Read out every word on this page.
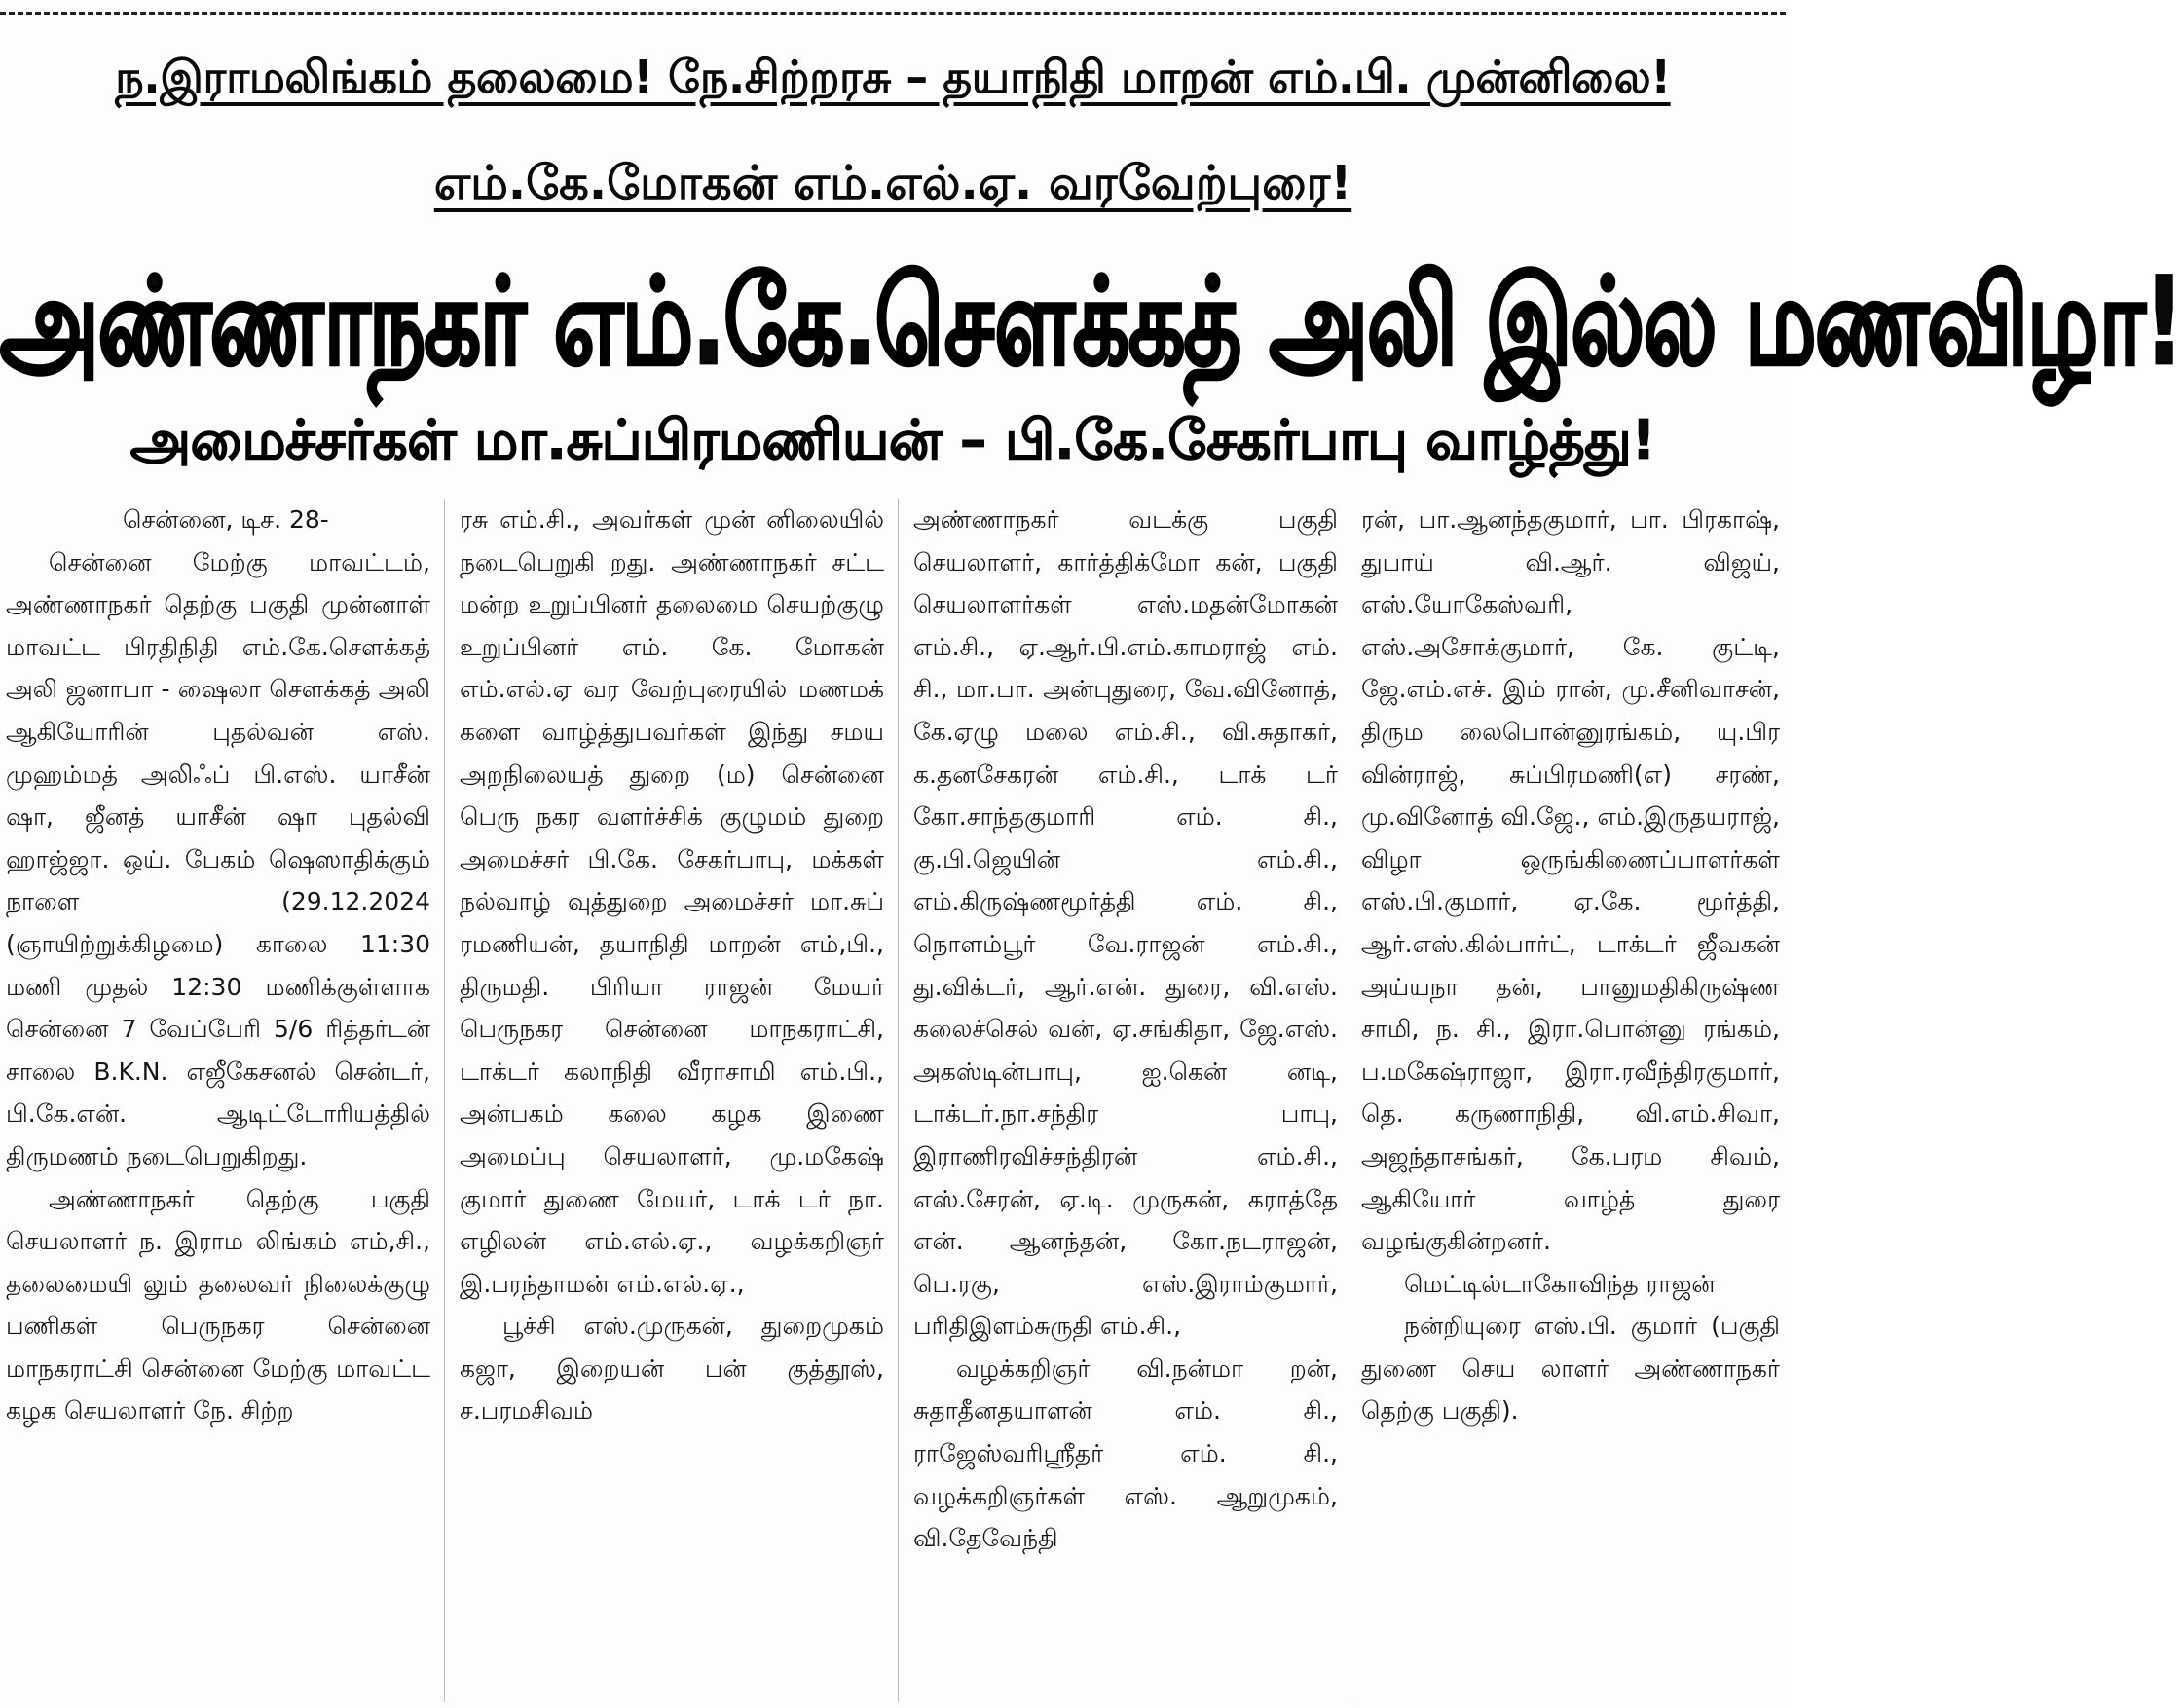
ந.இராமலிங்கம் தலைமை! நே.சிற்றரசு – தயாநிதி மாறன் எம்.பி. முன்னிலை!
எம்.கே.மோகன் எம்.எல்.ஏ. வரவேற்புரை!
அண்ணாநகர் எம்.கே.சௌக்கத் அலி இல்ல மணவிழா!
அமைச்சர்கள் மா.சுப்பிரமணியன் – பி.கே.சேகர்பாபு வாழ்த்து!

சென்னை, டிச. 28-

சென்னை மேற்கு மாவட்டம், அண்ணாநகர் தெற்கு பகுதி முன்னாள் மாவட்ட பிரதிநிதி எம்.கே.சௌக்கத் அலி ஜனாபா - ஷைலா சௌக்கத் அலி ஆகியோரின் புதல்வன் எஸ். முஹம்மத் அலிஃப் பி.எஸ். யாசீன் ஷா, ஜீனத் யாசீன் ஷா புதல்வி ஹாஜ்ஜா. ஒய். பேகம் ஷெஸாதிக்கும் நாளை (29.12.2024 (ஞாயிற்றுக்கிழமை) காலை 11:30 மணி முதல் 12:30 மணிக்குள்ளாக சென்னை 7 வேப்பேரி 5/6 ரித்தர்டன் சாலை B.K.N. எஜீகேசனல் சென்டர், பி.கே.என். ஆடிட்டோரியத்தில் திருமணம் நடைபெறுகிறது.

அண்ணாநகர் தெற்கு பகுதி செயலாளர் ந. இராம லிங்கம் எம்,சி., தலைமையி லும் தலைவர் நிலைக்குழு பணிகள் பெருநகர சென்னை மாநகராட்சி சென்னை மேற்கு மாவட்ட கழக செயலாளர் நே. சிற்ற

ரசு எம்.சி., அவர்கள் முன் னிலையில் நடைபெறுகி றது. அண்ணாநகர் சட்ட மன்ற உறுப்பினர் தலைமை செயற்குழு உறுப்பினர் எம். கே. மோகன் எம்.எல்.ஏ வர வேற்புரையில் மணமக் களை வாழ்த்துபவர்கள் இந்து சமய அறநிலையத் துறை (ம) சென்னை பெரு நகர வளர்ச்சிக் குழுமம் துறை அமைச்சர் பி.கே. சேகர்பாபு, மக்கள் நல்வாழ் வுத்துறை அமைச்சர் மா.சுப் ரமணியன், தயாநிதி மாறன் எம்,பி., திருமதி. பிரியா ராஜன் மேயர் பெருநகர சென்னை மாநகராட்சி, டாக்டர் கலாநிதி வீராசாமி எம்.பி., அன்பகம் கலை கழக இணை அமைப்பு செயலாளர், மு.மகேஷ் குமார் துணை மேயர், டாக் டர் நா. எழிலன் எம்.எல்.ஏ., வழக்கறிஞர் இ.பரந்தாமன் எம்.எல்.ஏ.,

பூச்சி எஸ்.முருகன், துறைமுகம் கஜா, இறையன் பன் குத்தூஸ், ச.பரமசிவம்

அண்ணாநகர் வடக்கு பகுதி செயலாளர், கார்த்திக்மோ கன், பகுதி செயலாளர்கள் எஸ்.மதன்மோகன் எம்.சி., ஏ.ஆர்.பி.எம்.காமராஜ் எம். சி., மா.பா. அன்புதுரை, வே.வினோத், கே.ஏழு மலை எம்.சி., வி.சுதாகர், க.தனசேகரன் எம்.சி., டாக் டர் கோ.சாந்தகுமாரி எம். சி., கு.பி.ஜெயின் எம்.சி., எம்.கிருஷ்ணமூர்த்தி எம். சி., நொளம்பூர் வே.ராஜன் எம்.சி., து.விக்டர், ஆர்.என். துரை, வி.எஸ். கலைச்செல் வன், ஏ.சங்கிதா, ஜே.எஸ். அகஸ்டின்பாபு, ஐ.கென் னடி, டாக்டர்.நா.சந்திர பாபு, இராணிரவிச்சந்திரன் எம்.சி., எஸ்.சேரன், ஏ.டி. முருகன், கராத்தே என். ஆனந்தன், கோ.நடராஜன், பெ.ரகு, எஸ்.இராம்குமார், பரிதிஇளம்சுருதி எம்.சி.,

வழக்கறிஞர் வி.நன்மா றன், சுதாதீனதயாளன் எம். சி., ராஜேஸ்வரிஸ்ரீதர் எம். சி., வழக்கறிஞர்கள் எஸ். ஆறுமுகம், வி.தேவேந்தி

ரன், பா.ஆனந்தகுமார், பா. பிரகாஷ், துபாய் வி.ஆர். விஜய், எஸ்.யோகேஸ்வரி, எஸ்.அசோக்குமார், கே. குட்டி, ஜே.எம்.எச். இம் ரான், மு.சீனிவாசன், திரும லைபொன்னுரங்கம், யு.பிர வின்ராஜ், சுப்பிரமணி(எ) சரண், மு.வினோத் வி.ஜே., எம்.இருதயராஜ், விழா ஒருங்கிணைப்பாளர்கள் எஸ்.பி.குமார், ஏ.கே. மூர்த்தி, ஆர்.எஸ்.கில்பார்ட், டாக்டர் ஜீவகன் அய்யநா தன், பானுமதிகிருஷ்ண சாமி, ந. சி., இரா.பொன்னு ரங்கம், ப.மகேஷ்ராஜா, இரா.ரவீந்திரகுமார், தெ. கருணாநிதி, வி.எம்.சிவா, அஜந்தாசங்கர், கே.பரம சிவம், ஆகியோர் வாழ்த் துரை வழங்குகின்றனர்.

மெட்டில்டாகோவிந்த ராஜன்

நன்றியுரை எஸ்.பி. குமார் (பகுதி துணை செய லாளர் அண்ணாநகர் தெற்கு பகுதி).
